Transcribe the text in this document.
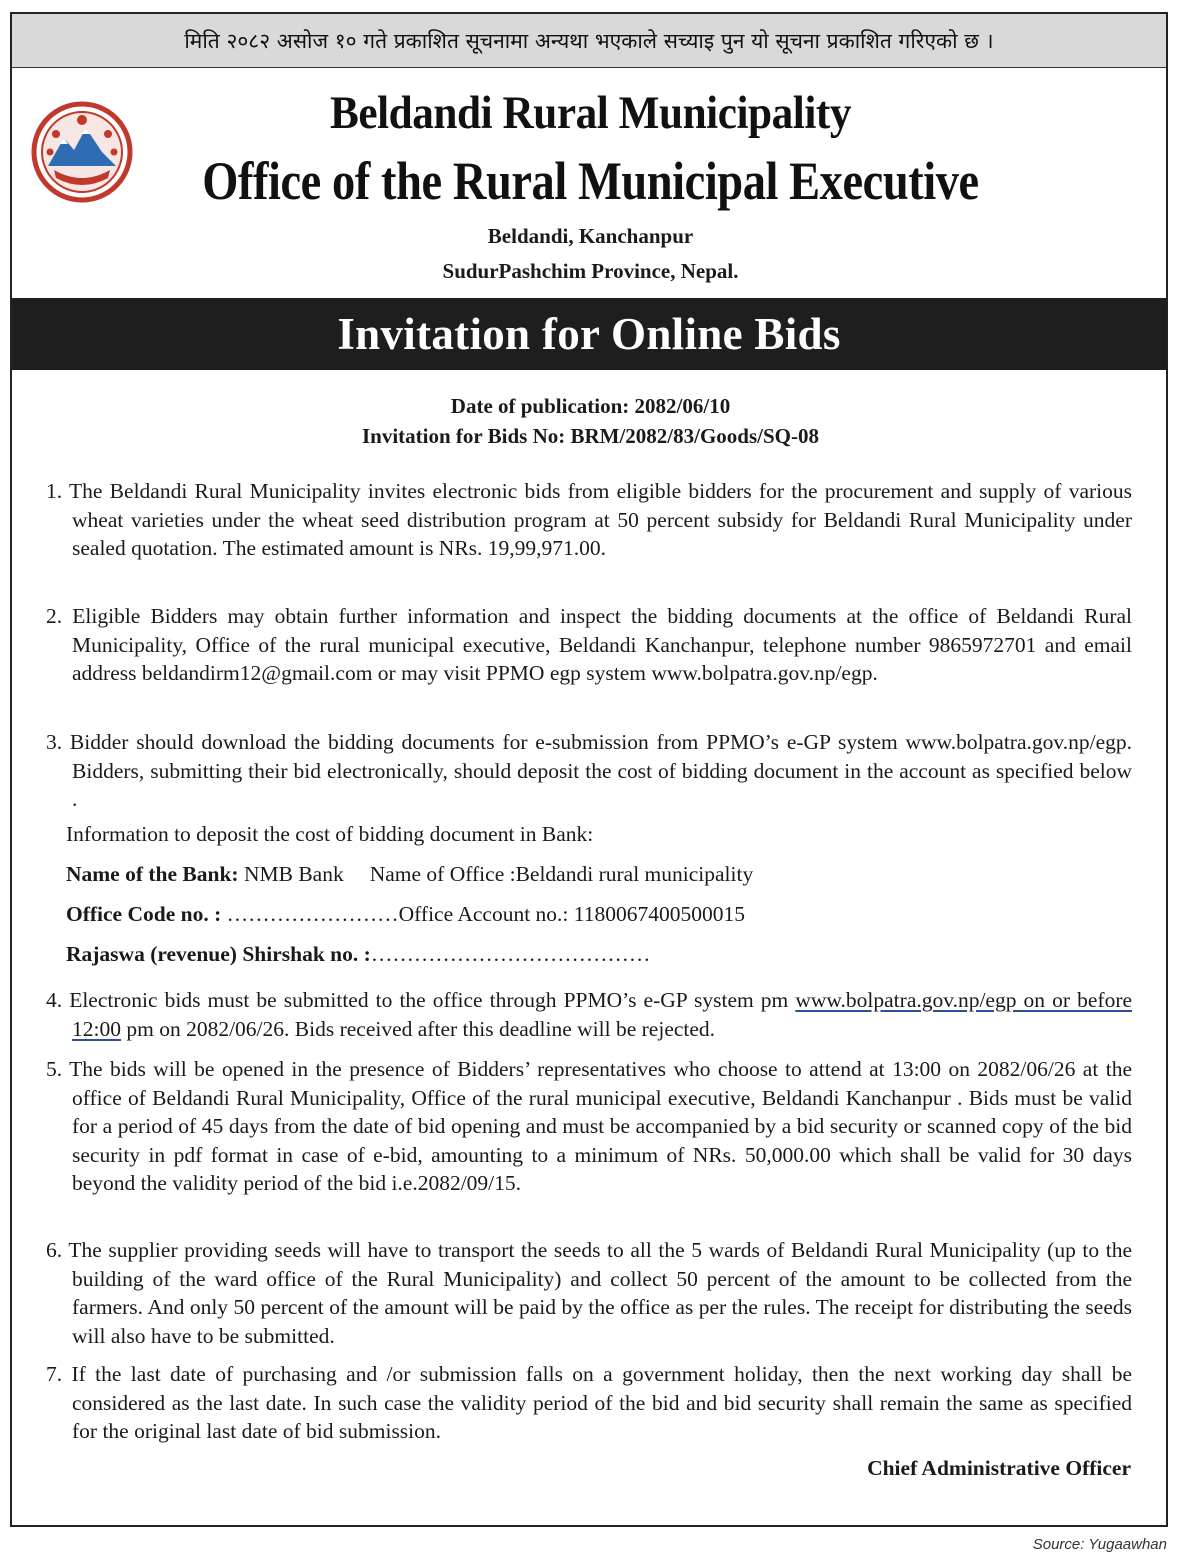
मिति २०८२ असोज १० गते प्रकाशित सूचनामा अन्यथा भएकाले सच्याइ पुन यो सूचना प्रकाशित गरिएको छ ।
Beldandi Rural Municipality
Office of the Rural Municipal Executive
Beldandi, Kanchanpur
SudurPashchim Province, Nepal.
Invitation for Online Bids
Date of publication: 2082/06/10
Invitation for Bids No: BRM/2082/83/Goods/SQ-08
1. The Beldandi Rural Municipality invites electronic bids from eligible bidders for the procurement and supply of various wheat varieties under the wheat seed distribution program at 50 percent subsidy for Beldandi Rural Municipality under sealed quotation. The estimated amount is NRs. 19,99,971.00.
2. Eligible Bidders may obtain further information and inspect the bidding documents at the office of Beldandi Rural Municipality, Office of the rural municipal executive, Beldandi Kanchanpur, telephone number 9865972701 and email address beldandirm12@gmail.com or may visit PPMO egp system www.bolpatra.gov.np/egp.
3. Bidder should download the bidding documents for e-submission from PPMO’s e-GP system www.bolpatra.gov.np/egp. Bidders, submitting their bid electronically, should deposit the cost of bidding document in the account as specified below .
Information to deposit the cost of bidding document in Bank:
Name of the Bank: NMB Bank Name of Office :Beldandi rural municipality
Office Code no. : ……………………Office Account no.: 1180067400500015
Rajaswa (revenue) Shirshak no. :…………………………………
4. Electronic bids must be submitted to the office through PPMO’s e-GP system pm www.bolpatra.gov.np/egp on or before 12:00 pm on 2082/06/26. Bids received after this deadline will be rejected.
5. The bids will be opened in the presence of Bidders’ representatives who choose to attend at 13:00 on 2082/06/26 at the office of Beldandi Rural Municipality, Office of the rural municipal executive, Beldandi Kanchanpur . Bids must be valid for a period of 45 days from the date of bid opening and must be accompanied by a bid security or scanned copy of the bid security in pdf format in case of e-bid, amounting to a minimum of NRs. 50,000.00 which shall be valid for 30 days beyond the validity period of the bid i.e.2082/09/15.
6. The supplier providing seeds will have to transport the seeds to all the 5 wards of Beldandi Rural Municipality (up to the building of the ward office of the Rural Municipality) and collect 50 percent of the amount to be collected from the farmers. And only 50 percent of the amount will be paid by the office as per the rules. The receipt for distributing the seeds will also have to be submitted.
7. If the last date of purchasing and /or submission falls on a government holiday, then the next working day shall be considered as the last date. In such case the validity period of the bid and bid security shall remain the same as specified for the original last date of bid submission.
Chief Administrative Officer
Source: Yugaawhan
